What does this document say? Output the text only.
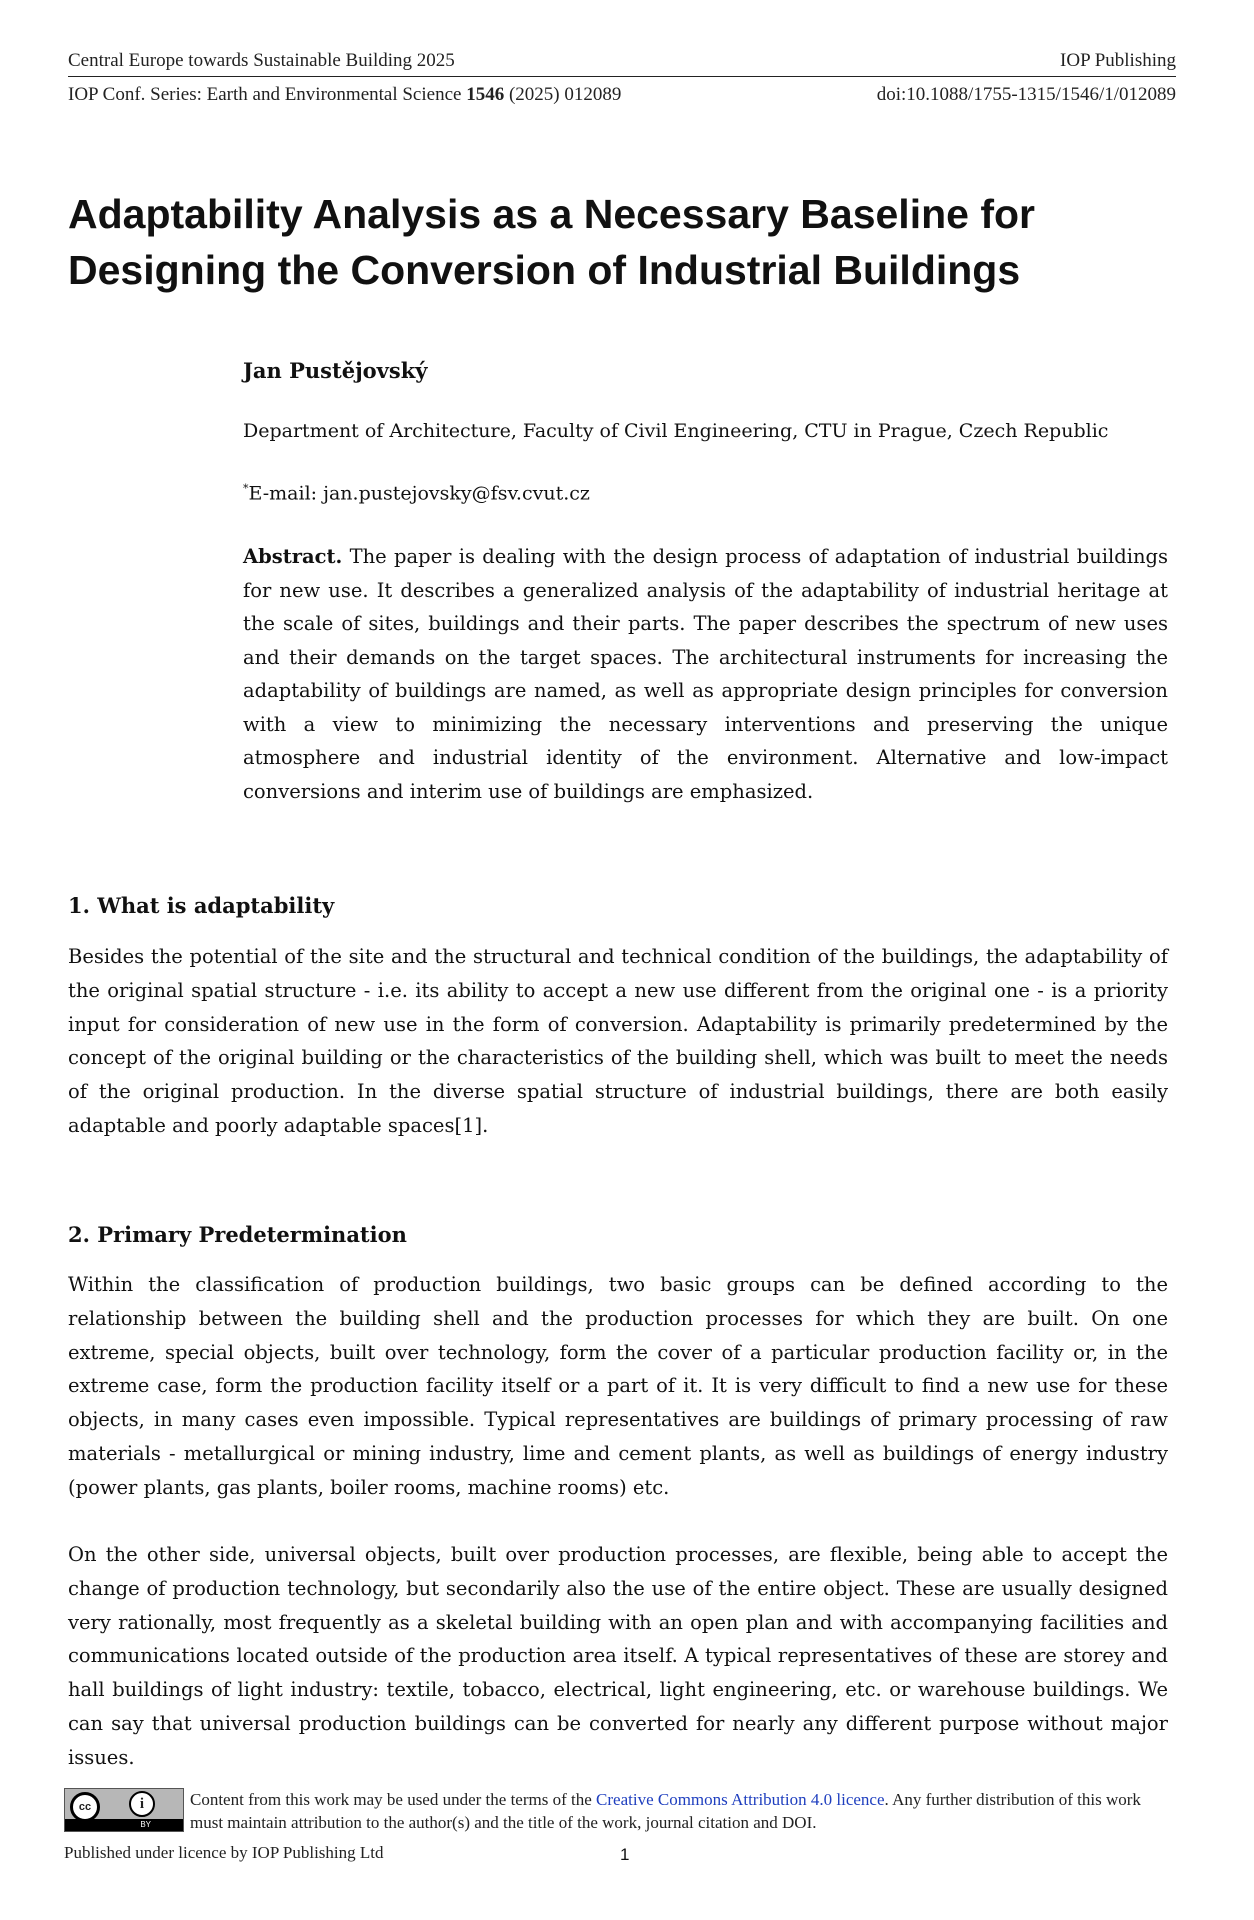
Central Europe towards Sustainable Building 2025	IOP Publishing
IOP Conf. Series: Earth and Environmental Science 1546 (2025) 012089	doi:10.1088/1755-1315/1546/1/012089
Adaptability Analysis as a Necessary Baseline for Designing the Conversion of Industrial Buildings
Jan Pustějovský
Department of Architecture, Faculty of Civil Engineering, CTU in Prague, Czech Republic
*E-mail: jan.pustejovsky@fsv.cvut.cz

Abstract. The paper is dealing with the design process of adaptation of industrial buildings for new use. It describes a generalized analysis of the adaptability of industrial heritage at the scale of sites, buildings and their parts. The paper describes the spectrum of new uses and their demands on the target spaces. The architectural instruments for increasing the adaptability of buildings are named, as well as appropriate design principles for conversion with a view to minimizing the necessary interventions and preserving the unique atmosphere and industrial identity of the environment. Alternative and low-impact conversions and interim use of buildings are emphasized.

1. What is adaptability

Besides the potential of the site and the structural and technical condition of the buildings, the adaptability of the original spatial structure - i.e. its ability to accept a new use different from the original one - is a priority input for consideration of new use in the form of conversion. Adaptability is primarily predetermined by the concept of the original building or the characteristics of the building shell, which was built to meet the needs of the original production. In the diverse spatial structure of industrial buildings, there are both easily adaptable and poorly adaptable spaces[1].

2. Primary Predetermination

Within the classification of production buildings, two basic groups can be defined according to the relationship between the building shell and the production processes for which they are built. On one extreme, special objects, built over technology, form the cover of a particular production facility or, in the extreme case, form the production facility itself or a part of it. It is very difficult to find a new use for these objects, in many cases even impossible. Typical representatives are buildings of primary processing of raw materials - metallurgical or mining industry, lime and cement plants, as well as buildings of energy industry (power plants, gas plants, boiler rooms, machine rooms) etc.

On the other side, universal objects, built over production processes, are flexible, being able to accept the change of production technology, but secondarily also the use of the entire object. These are usually designed very rationally, most frequently as a skeletal building with an open plan and with accompanying facilities and communications located outside of the production area itself. A typical representatives of these are storey and hall buildings of light industry: textile, tobacco, electrical, light engineering, etc. or warehouse buildings. We can say that universal production buildings can be converted for nearly any different purpose without major issues.

cc	i
BY
Content from this work may be used under the terms of the Creative Commons Attribution 4.0 licence. Any further distribution of this work must maintain attribution to the author(s) and the title of the work, journal citation and DOI.
Published under licence by IOP Publishing Ltd	1
